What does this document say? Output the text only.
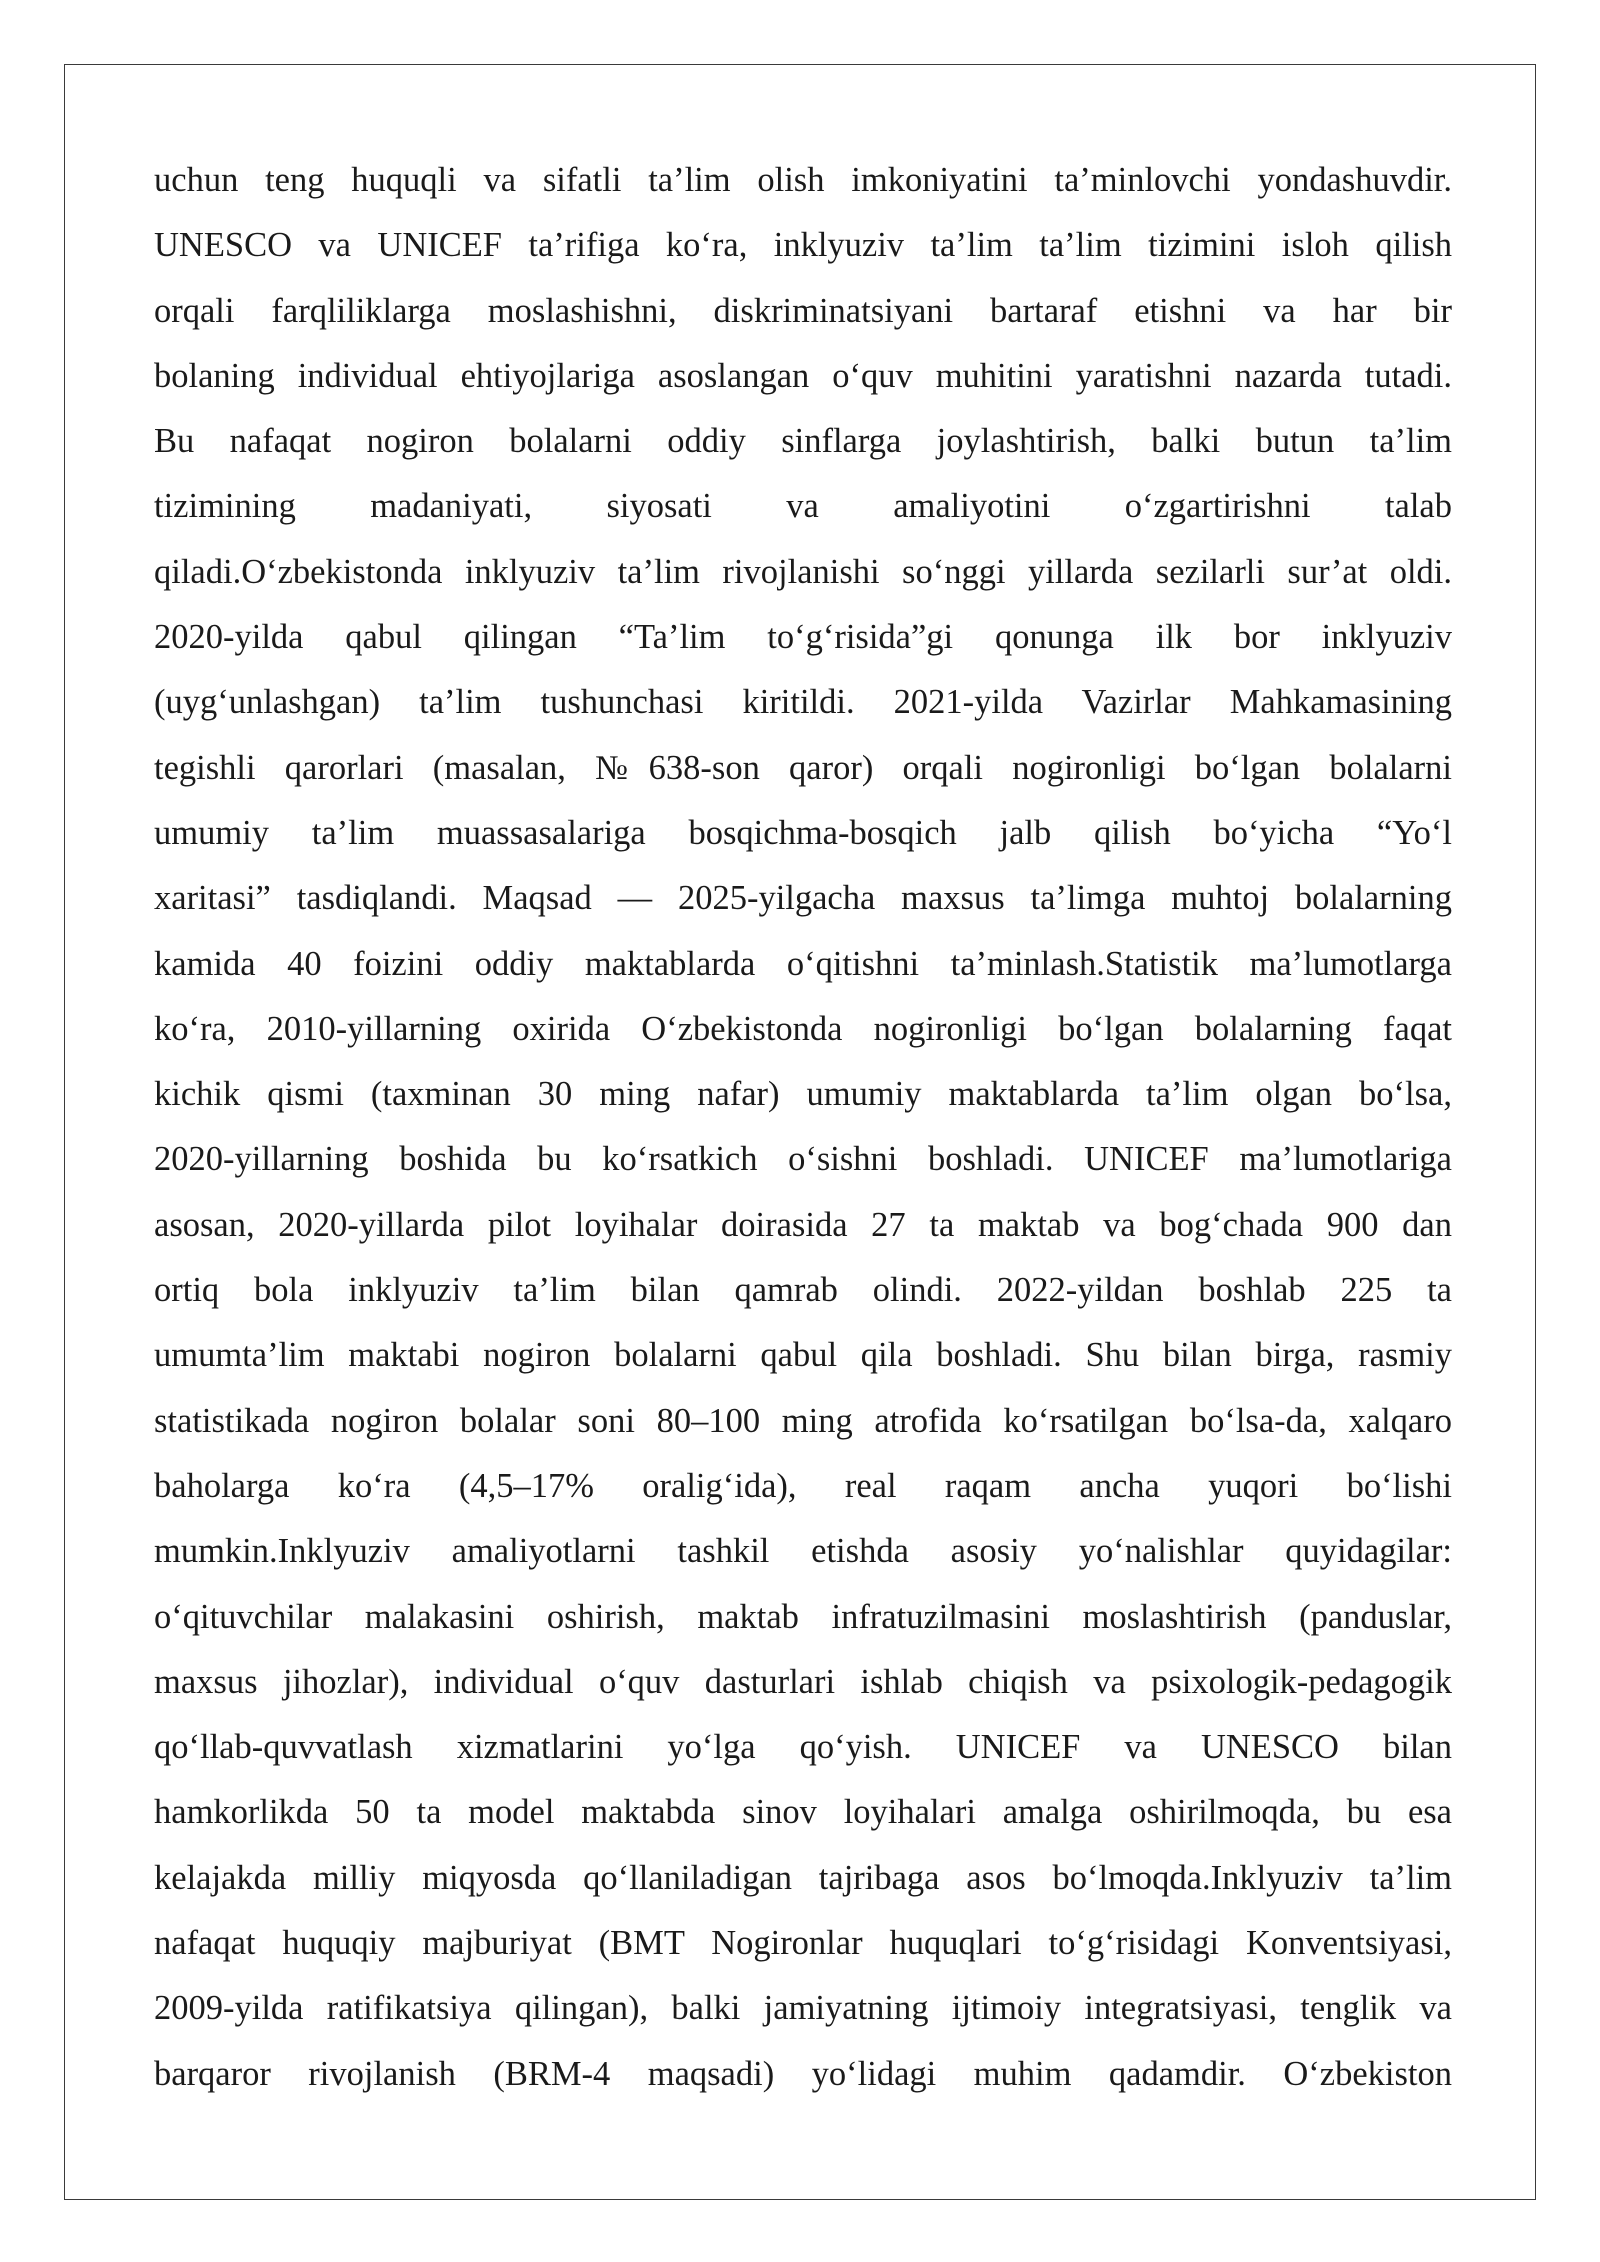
uchun teng huquqli va sifatli ta’lim olish imkoniyatini ta’minlovchi yondashuvdir.
UNESCO va UNICEF ta’rifiga ko‘ra, inklyuziv ta’lim ta’lim tizimini isloh qilish
orqali farqliliklarga moslashishni, diskriminatsiyani bartaraf etishni va har bir
bolaning individual ehtiyojlariga asoslangan o‘quv muhitini yaratishni nazarda tutadi.
Bu nafaqat nogiron bolalarni oddiy sinflarga joylashtirish, balki butun ta’lim
tizimining madaniyati, siyosati va amaliyotini o‘zgartirishni talab
qiladi.O‘zbekistonda inklyuziv ta’lim rivojlanishi so‘nggi yillarda sezilarli sur’at oldi.
2020-yilda qabul qilingan “Ta’lim to‘g‘risida”gi qonunga ilk bor inklyuziv
(uyg‘unlashgan) ta’lim tushunchasi kiritildi. 2021-yilda Vazirlar Mahkamasining
tegishli qarorlari (masalan, №638-son qaror) orqali nogironligi bo‘lgan bolalarni
umumiy ta’lim muassasalariga bosqichma-bosqich jalb qilish bo‘yicha “Yo‘l
xaritasi” tasdiqlandi. Maqsad — 2025-yilgacha maxsus ta’limga muhtoj bolalarning
kamida 40 foizini oddiy maktablarda o‘qitishni ta’minlash.Statistik ma’lumotlarga
ko‘ra, 2010-yillarning oxirida O‘zbekistonda nogironligi bo‘lgan bolalarning faqat
kichik qismi (taxminan 30 ming nafar) umumiy maktablarda ta’lim olgan bo‘lsa,
2020-yillarning boshida bu ko‘rsatkich o‘sishni boshladi. UNICEF ma’lumotlariga
asosan, 2020-yillarda pilot loyihalar doirasida 27 ta maktab va bog‘chada 900 dan
ortiq bola inklyuziv ta’lim bilan qamrab olindi. 2022-yildan boshlab 225 ta
umumta’lim maktabi nogiron bolalarni qabul qila boshladi. Shu bilan birga, rasmiy
statistikada nogiron bolalar soni 80–100 ming atrofida ko‘rsatilgan bo‘lsa-da, xalqaro
baholarga ko‘ra (4,5–17% oralig‘ida), real raqam ancha yuqori bo‘lishi
mumkin.Inklyuziv amaliyotlarni tashkil etishda asosiy yo‘nalishlar quyidagilar:
o‘qituvchilar malakasini oshirish, maktab infratuzilmasini moslashtirish (panduslar,
maxsus jihozlar), individual o‘quv dasturlari ishlab chiqish va psixologik-pedagogik
qo‘llab-quvvatlash xizmatlarini yo‘lga qo‘yish. UNICEF va UNESCO bilan
hamkorlikda 50 ta model maktabda sinov loyihalari amalga oshirilmoqda, bu esa
kelajakda milliy miqyosda qo‘llaniladigan tajribaga asos bo‘lmoqda.Inklyuziv ta’lim
nafaqat huquqiy majburiyat (BMT Nogironlar huquqlari to‘g‘risidagi Konventsiyasi,
2009-yilda ratifikatsiya qilingan), balki jamiyatning ijtimoiy integratsiyasi, tenglik va
barqaror rivojlanish (BRM-4 maqsadi) yo‘lidagi muhim qadamdir. O‘zbekiston
